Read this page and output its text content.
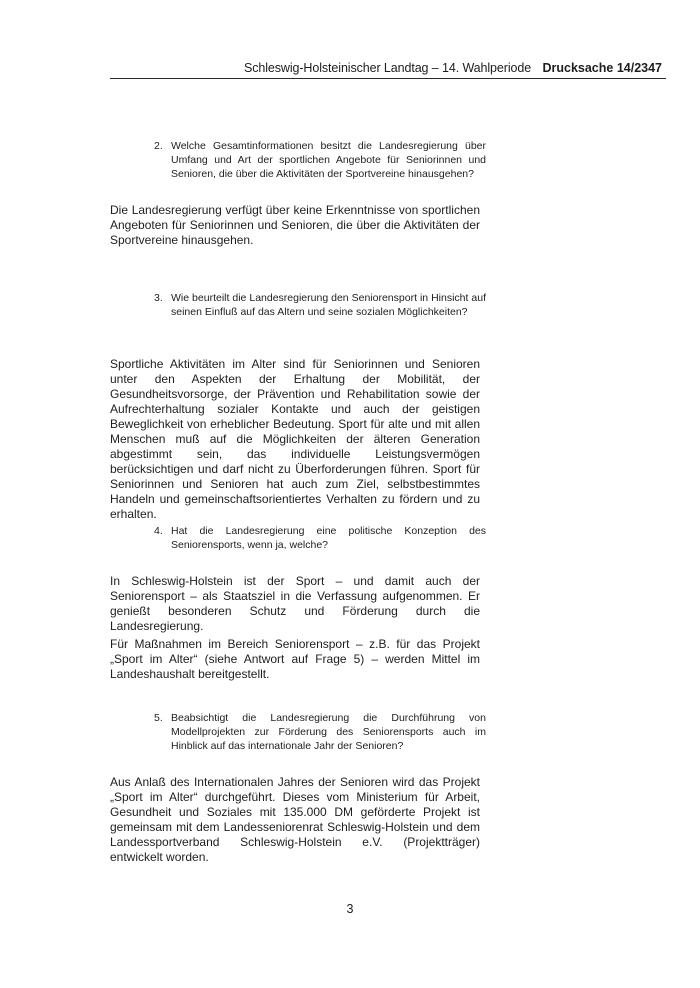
Schleswig-Holsteinischer Landtag – 14. Wahlperiode Drucksache 14/2347
2. Welche Gesamtinformationen besitzt die Landesregierung über Umfang und Art der sportlichen Angebote für Seniorinnen und Senioren, die über die Aktivitäten der Sportvereine hinausgehen?

Die Landesregierung verfügt über keine Erkenntnisse von sportlichen Angeboten für Seniorinnen und Senioren, die über die Aktivitäten der Sportvereine hinausgehen.

3. Wie beurteilt die Landesregierung den Seniorensport in Hinsicht auf seinen Einfluß auf das Altern und seine sozialen Möglichkeiten?

Sportliche Aktivitäten im Alter sind für Seniorinnen und Senioren unter den Aspekten der Erhaltung der Mobilität, der Gesundheitsvorsorge, der Prävention und Rehabilitation sowie der Aufrechterhaltung sozialer Kontakte und auch der geistigen Beweglichkeit von erheblicher Bedeutung. Sport für alte und mit allen Menschen muß auf die Möglichkeiten der älteren Generation abgestimmt sein, das individuelle Leistungsvermögen berücksichtigen und darf nicht zu Überforderungen führen. Sport für Seniorinnen und Senioren hat auch zum Ziel, selbstbestimmtes Handeln und gemeinschaftsorientiertes Verhalten zu fördern und zu erhalten.

4. Hat die Landesregierung eine politische Konzeption des Seniorensports, wenn ja, welche?

In Schleswig-Holstein ist der Sport – und damit auch der Seniorensport – als Staatsziel in die Verfassung aufgenommen. Er genießt besonderen Schutz und Förderung durch die Landesregierung.

Für Maßnahmen im Bereich Seniorensport – z.B. für das Projekt „Sport im Alter“ (siehe Antwort auf Frage 5) – werden Mittel im Landeshaushalt bereitgestellt.

5. Beabsichtigt die Landesregierung die Durchführung von Modellprojekten zur Förderung des Seniorensports auch im Hinblick auf das internationale Jahr der Senioren?

Aus Anlaß des Internationalen Jahres der Senioren wird das Projekt „Sport im Alter“ durchgeführt. Dieses vom Ministerium für Arbeit, Gesundheit und Soziales mit 135.000 DM geförderte Projekt ist gemeinsam mit dem Landesseniorenrat Schleswig-Holstein und dem Landessportverband Schleswig-Holstein e.V. (Projektträger) entwickelt worden.

3
